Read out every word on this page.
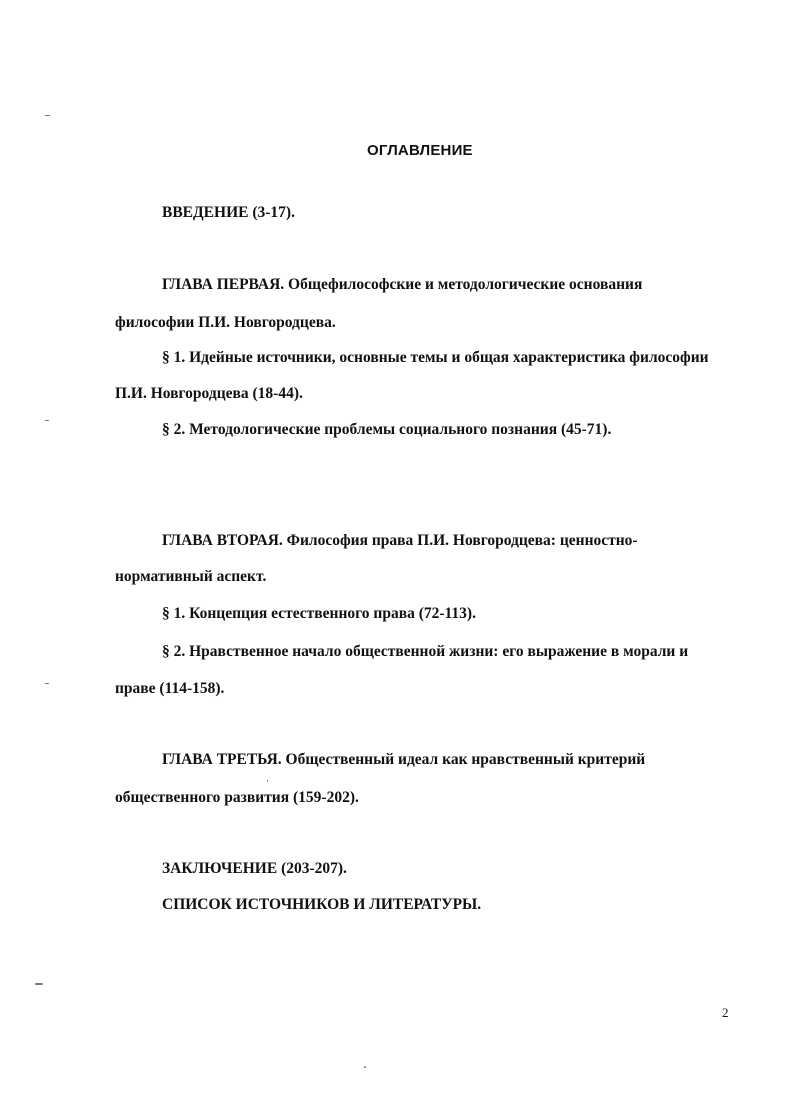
ОГЛАВЛЕНИЕ
ВВЕДЕНИЕ (3-17).
ГЛАВА ПЕРВАЯ. Общефилософские и методологические основания
философии П.И. Новгородцева.
§ 1. Идейные источники, основные темы и общая характеристика философии
П.И. Новгородцева (18-44).
§ 2. Методологические проблемы социального познания (45-71).
ГЛАВА ВТОРАЯ. Философия права П.И. Новгородцева: ценностно-
нормативный аспект.
§ 1. Концепция естественного права (72-113).
§ 2. Нравственное начало общественной жизни: его выражение в морали и
праве (114-158).
ГЛАВА ТРЕТЬЯ. Общественный идеал как нравственный критерий
общественного развития (159-202).
ЗАКЛЮЧЕНИЕ (203-207).
СПИСОК ИСТОЧНИКОВ И ЛИТЕРАТУРЫ.
2
